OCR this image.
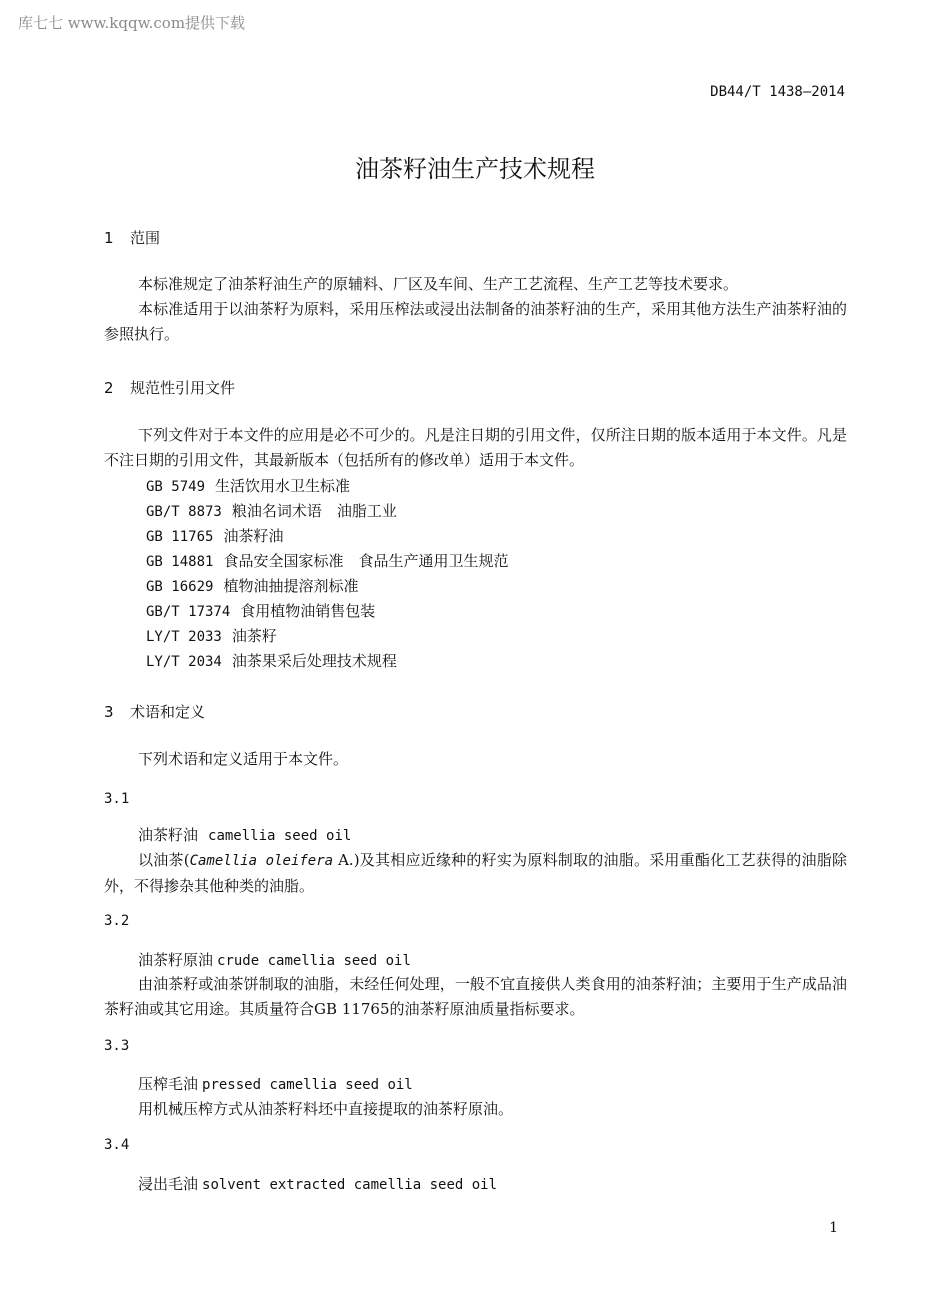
库七七 www.kqqw.com提供下载
DB44/T 1438—2014
油茶籽油生产技术规程
1 范围
本标准规定了油茶籽油生产的原辅料、厂区及车间、生产工艺流程、生产工艺等技术要求。
本标准适用于以油茶籽为原料，采用压榨法或浸出法制备的油茶籽油的生产，采用其他方法生产油茶籽油的参照执行。
2 规范性引用文件
下列文件对于本文件的应用是必不可少的。凡是注日期的引用文件，仅所注日期的版本适用于本文件。凡是不注日期的引用文件，其最新版本（包括所有的修改单）适用于本文件。
GB 5749 生活饮用水卫生标准
GB/T 8873 粮油名词术语　油脂工业
GB 11765 油茶籽油
GB 14881 食品安全国家标准　食品生产通用卫生规范
GB 16629 植物油抽提溶剂标准
GB/T 17374 食用植物油销售包装
LY/T 2033 油茶籽
LY/T 2034 油茶果采后处理技术规程
3 术语和定义
下列术语和定义适用于本文件。
3.1
油茶籽油 camellia seed oil
以油茶(Camellia oleifera A.)及其相应近缘种的籽实为原料制取的油脂。采用重酯化工艺获得的油脂除外，不得掺杂其他种类的油脂。
3.2
油茶籽原油 crude camellia seed oil
由油茶籽或油茶饼制取的油脂，未经任何处理，一般不宜直接供人类食用的油茶籽油；主要用于生产成品油茶籽油或其它用途。其质量符合GB 11765的油茶籽原油质量指标要求。
3.3
压榨毛油 pressed camellia seed oil
用机械压榨方式从油茶籽料坯中直接提取的油茶籽原油。
3.4
浸出毛油 solvent extracted camellia seed oil
1
